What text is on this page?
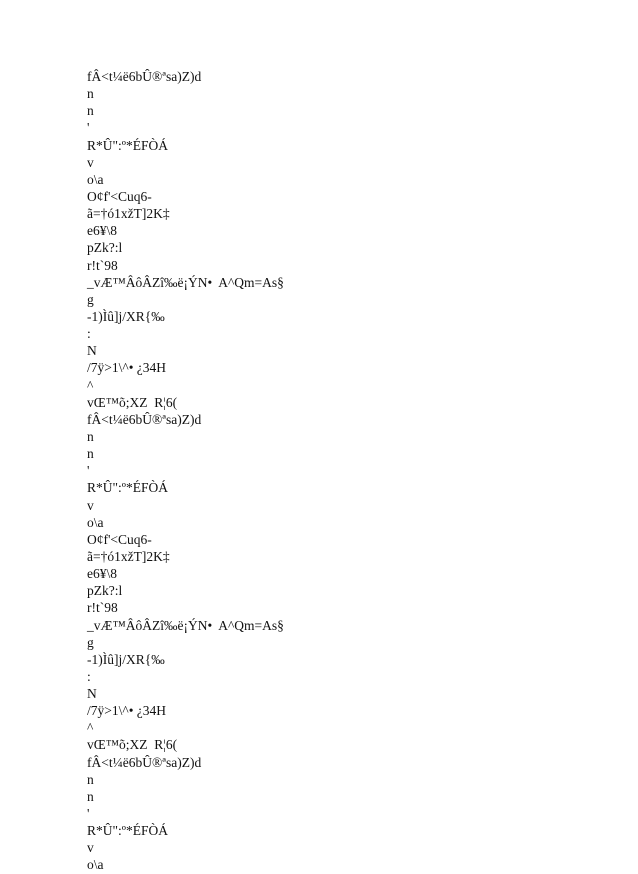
fÂ<t¼ë6bÛ®ªsa)Z)d
n
n
'
R*Û":º*ÉFÒÁ
v
o\a
O¢f'<Cuq6-
ã=†ó1xžT]2K‡
e6¥\8
pZk?:l
r!t`98
_vÆ™ÂôÂZî‰ë¡ÝN•  A^Qm=As§
g
-1)Ìû]j/XR{‰
:
N
/7ÿ>1\^• ¿34H
^
vŒ™õ;XZ  R¦6(
fÂ<t¼ë6bÛ®ªsa)Z)d
n
n
'
R*Û":º*ÉFÒÁ
v
o\a
O¢f'<Cuq6-
ã=†ó1xžT]2K‡
e6¥\8
pZk?:l
r!t`98
_vÆ™ÂôÂZî‰ë¡ÝN•  A^Qm=As§
g
-1)Ìû]j/XR{‰
:
N
/7ÿ>1\^• ¿34H
^
vŒ™õ;XZ  R¦6(
fÂ<t¼ë6bÛ®ªsa)Z)d
n
n
'
R*Û":º*ÉFÒÁ
v
o\a
